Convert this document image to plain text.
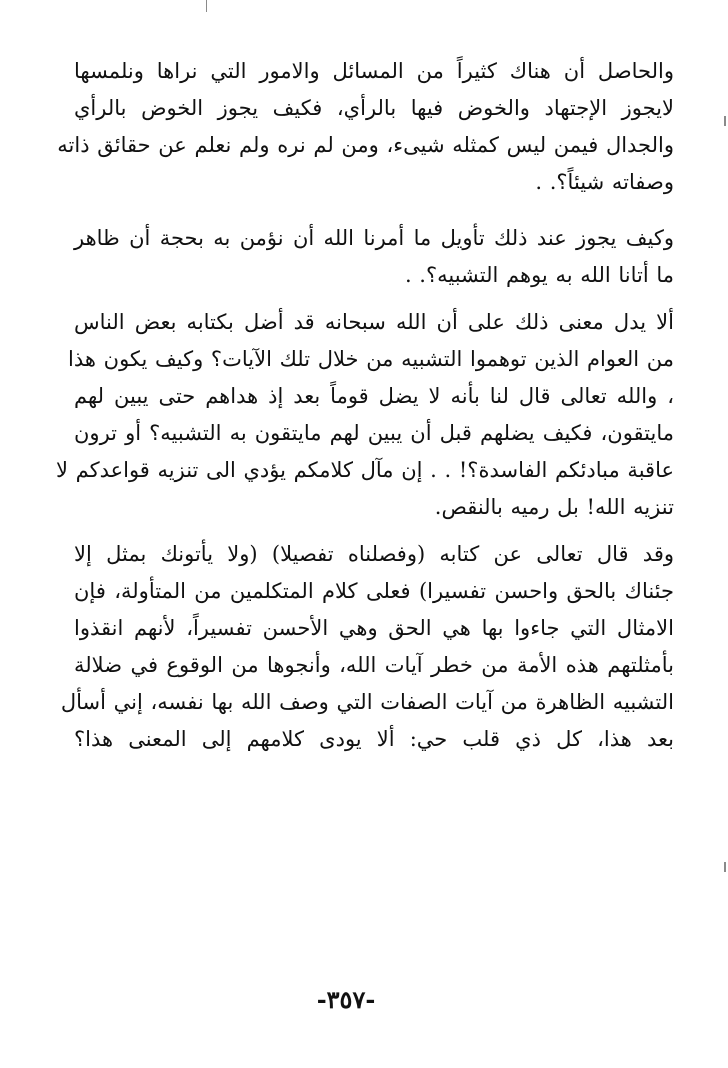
والحاصل أن هناك كثيراً من المسائل والامور التي نراها ونلمسها
لايجوز الإجتهاد والخوض فيها بالرأي، فكيف يجوز الخوض بالرأي
والجدال فيمن ليس كمثله شيىء، ومن لم نره ولم نعلم عن حقائق ذاته
وصفاته شيئاً؟. .
وكيف يجوز عند ذلك تأويل ما أمرنا الله أن نؤمن به بحجة أن ظاهر
ما أتانا الله به يوهم التشبيه؟. .
ألا يدل معنى ذلك على أن الله سبحانه قد أضل بكتابه بعض الناس
من العوام الذين توهموا التشبيه من خلال تلك الآيات؟ وكيف يكون هذا
، والله تعالى قال لنا بأنه لا يضل قوماً بعد إذ هداهم حتى يبين لهم
مايتقون، فكيف يضلهم قبل أن يبين لهم مايتقون به التشبيه؟ أو ترون
عاقبة مبادئكم الفاسدة؟! . . إن مآل كلامكم يؤدي الى تنزيه قواعدكم لا
تنزيه الله! بل رميه بالنقص.
وقد قال تعالى عن كتابه (وفصلناه تفصيلا) (ولا يأتونك بمثل إلا
جئناك بالحق واحسن تفسيرا) فعلى كلام المتكلمين من المتأولة، فإن
الامثال التي جاءوا بها هي الحق وهي الأحسن تفسيراً، لأنهم انقذوا
بأمثلتهم هذه الأمة من خطر آيات الله، وأنجوها من الوقوع في ضلالة
التشبيه الظاهرة من آيات الصفات التي وصف الله بها نفسه، إني أسأل
بعد هذا، كل ذي قلب حي: ألا يودى كلامهم إلى المعنى هذا؟
-٣٥٧-
